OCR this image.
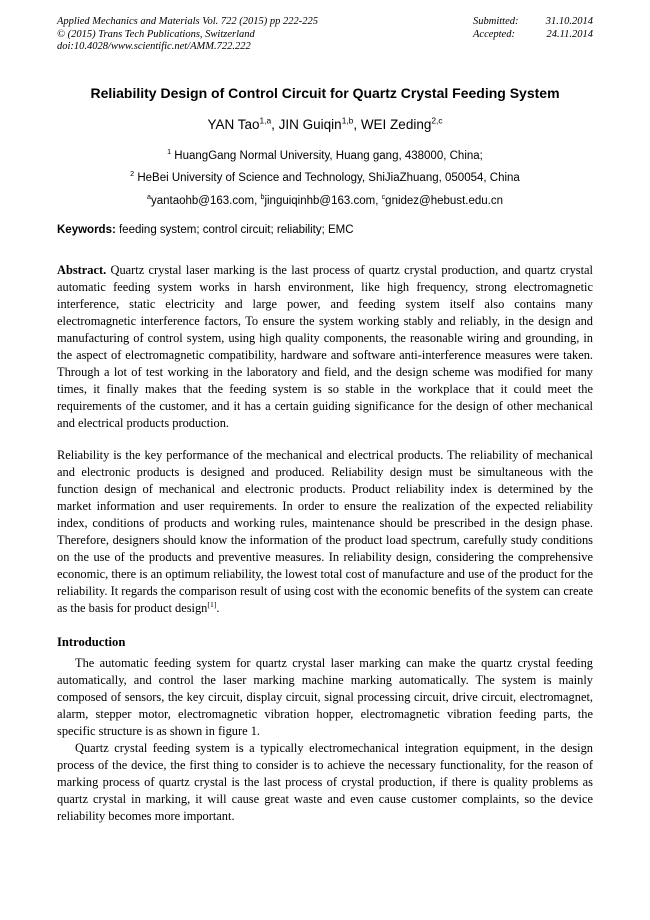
Applied Mechanics and Materials Vol. 722 (2015) pp 222-225
© (2015) Trans Tech Publications, Switzerland
doi:10.4028/www.scientific.net/AMM.722.222
Submitted:	31.10.2014
Accepted:	24.11.2014
Reliability Design of Control Circuit for Quartz Crystal Feeding System
YAN Tao$^{1,a}$, JIN Guiqin$^{1,b}$, WEI Zeding$^{2,c}$
$^1$ HuangGang Normal University, Huang gang, 438000, China;
$^2$ HeBei University of Science and Technology, ShiJiaZhuang, 050054, China
$^a$yantaohb@163.com, $^b$jinguiqinhb@163.com, $^c$gnidez@hebust.edu.cn
Keywords: feeding system; control circuit; reliability; EMC
Abstract. Quartz crystal laser marking is the last process of quartz crystal production, and quartz crystal automatic feeding system works in harsh environment, like high frequency, strong electromagnetic interference, static electricity and large power, and feeding system itself also contains many electromagnetic interference factors, To ensure the system working stably and reliably, in the design and manufacturing of control system, using high quality components, the reasonable wiring and grounding, in the aspect of electromagnetic compatibility, hardware and software anti-interference measures were taken. Through a lot of test working in the laboratory and field, and the design scheme was modified for many times, it finally makes that the feeding system is so stable in the workplace that it could meet the requirements of the customer, and it has a certain guiding significance for the design of other mechanical and electrical products production.
Reliability is the key performance of the mechanical and electrical products. The reliability of mechanical and electronic products is designed and produced. Reliability design must be simultaneous with the function design of mechanical and electronic products. Product reliability index is determined by the market information and user requirements. In order to ensure the realization of the expected reliability index, conditions of products and working rules, maintenance should be prescribed in the design phase. Therefore, designers should know the information of the product load spectrum, carefully study conditions on the use of the products and preventive measures. In reliability design, considering the comprehensive economic, there is an optimum reliability, the lowest total cost of manufacture and use of the product for the reliability. It regards the comparison result of using cost with the economic benefits of the system can create as the basis for product design[1].
Introduction

The automatic feeding system for quartz crystal laser marking can make the quartz crystal feeding automatically, and control the laser marking machine marking automatically. The system is mainly composed of sensors, the key circuit, display circuit, signal processing circuit, drive circuit, electromagnet, alarm, stepper motor, electromagnetic vibration hopper, electromagnetic vibration feeding parts, the specific structure is as shown in figure 1.

Quartz crystal feeding system is a typically electromechanical integration equipment, in the design process of the device, the first thing to consider is to achieve the necessary functionality, for the reason of marking process of quartz crystal is the last process of crystal production, if there is quality problems as quartz crystal in marking, it will cause great waste and even cause customer complaints, so the device reliability becomes more important.
